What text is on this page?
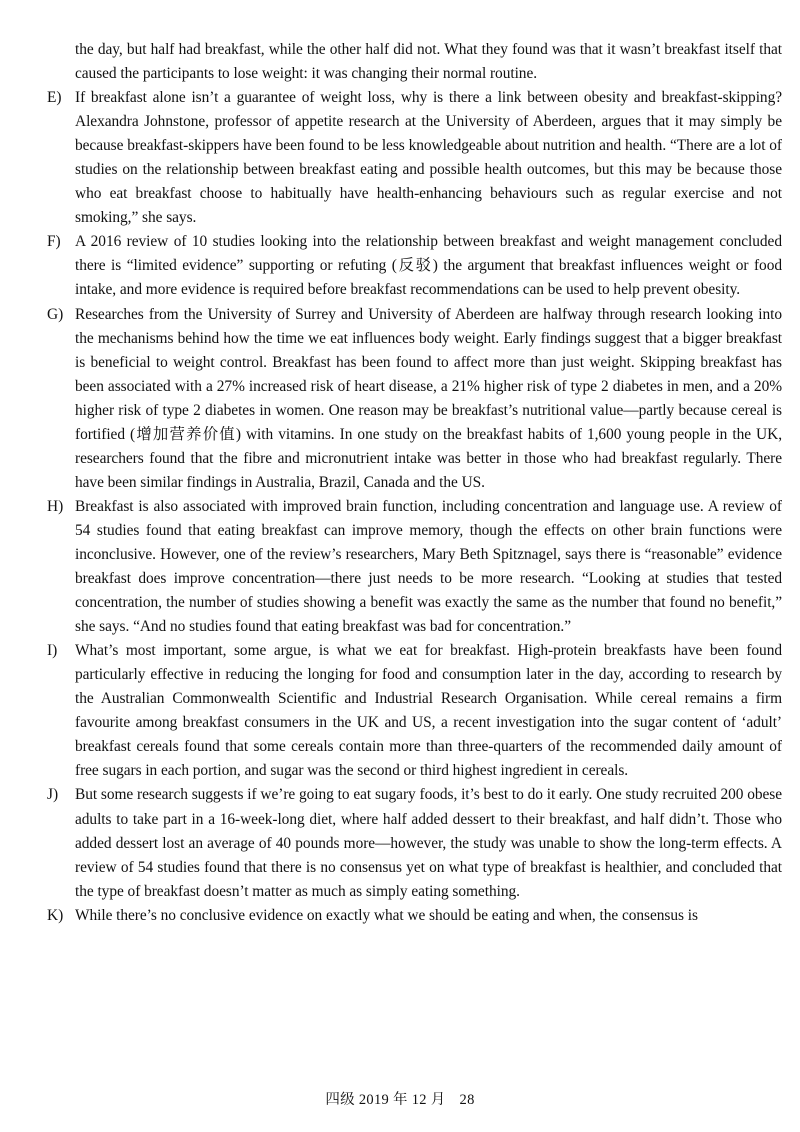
the day, but half had breakfast, while the other half did not. What they found was that it wasn’t breakfast itself that caused the participants to lose weight: it was changing their normal routine.
E) If breakfast alone isn’t a guarantee of weight loss, why is there a link between obesity and breakfast-skipping? Alexandra Johnstone, professor of appetite research at the University of Aberdeen, argues that it may simply be because breakfast-skippers have been found to be less knowledgeable about nutrition and health. “There are a lot of studies on the relationship between breakfast eating and possible health outcomes, but this may be because those who eat breakfast choose to habitually have health-enhancing behaviours such as regular exercise and not smoking,” she says.
F) A 2016 review of 10 studies looking into the relationship between breakfast and weight management concluded there is “limited evidence” supporting or refuting (反驳) the argument that breakfast influences weight or food intake, and more evidence is required before breakfast recommendations can be used to help prevent obesity.
G) Researches from the University of Surrey and University of Aberdeen are halfway through research looking into the mechanisms behind how the time we eat influences body weight. Early findings suggest that a bigger breakfast is beneficial to weight control. Breakfast has been found to affect more than just weight. Skipping breakfast has been associated with a 27% increased risk of heart disease, a 21% higher risk of type 2 diabetes in men, and a 20% higher risk of type 2 diabetes in women. One reason may be breakfast’s nutritional value—partly because cereal is fortified (增加营养价值) with vitamins. In one study on the breakfast habits of 1,600 young people in the UK, researchers found that the fibre and micronutrient intake was better in those who had breakfast regularly. There have been similar findings in Australia, Brazil, Canada and the US.
H) Breakfast is also associated with improved brain function, including concentration and language use. A review of 54 studies found that eating breakfast can improve memory, though the effects on other brain functions were inconclusive. However, one of the review’s researchers, Mary Beth Spitznagel, says there is “reasonable” evidence breakfast does improve concentration—there just needs to be more research. “Looking at studies that tested concentration, the number of studies showing a benefit was exactly the same as the number that found no benefit,” she says. “And no studies found that eating breakfast was bad for concentration.”
I) What’s most important, some argue, is what we eat for breakfast. High-protein breakfasts have been found particularly effective in reducing the longing for food and consumption later in the day, according to research by the Australian Commonwealth Scientific and Industrial Research Organisation. While cereal remains a firm favourite among breakfast consumers in the UK and US, a recent investigation into the sugar content of ‘adult’ breakfast cereals found that some cereals contain more than three-quarters of the recommended daily amount of free sugars in each portion, and sugar was the second or third highest ingredient in cereals.
J) But some research suggests if we’re going to eat sugary foods, it’s best to do it early. One study recruited 200 obese adults to take part in a 16-week-long diet, where half added dessert to their breakfast, and half didn’t. Those who added dessert lost an average of 40 pounds more—however, the study was unable to show the long-term effects. A review of 54 studies found that there is no consensus yet on what type of breakfast is healthier, and concluded that the type of breakfast doesn’t matter as much as simply eating something.
K) While there’s no conclusive evidence on exactly what we should be eating and when, the consensus is
四级 2019 年 12 月 28
